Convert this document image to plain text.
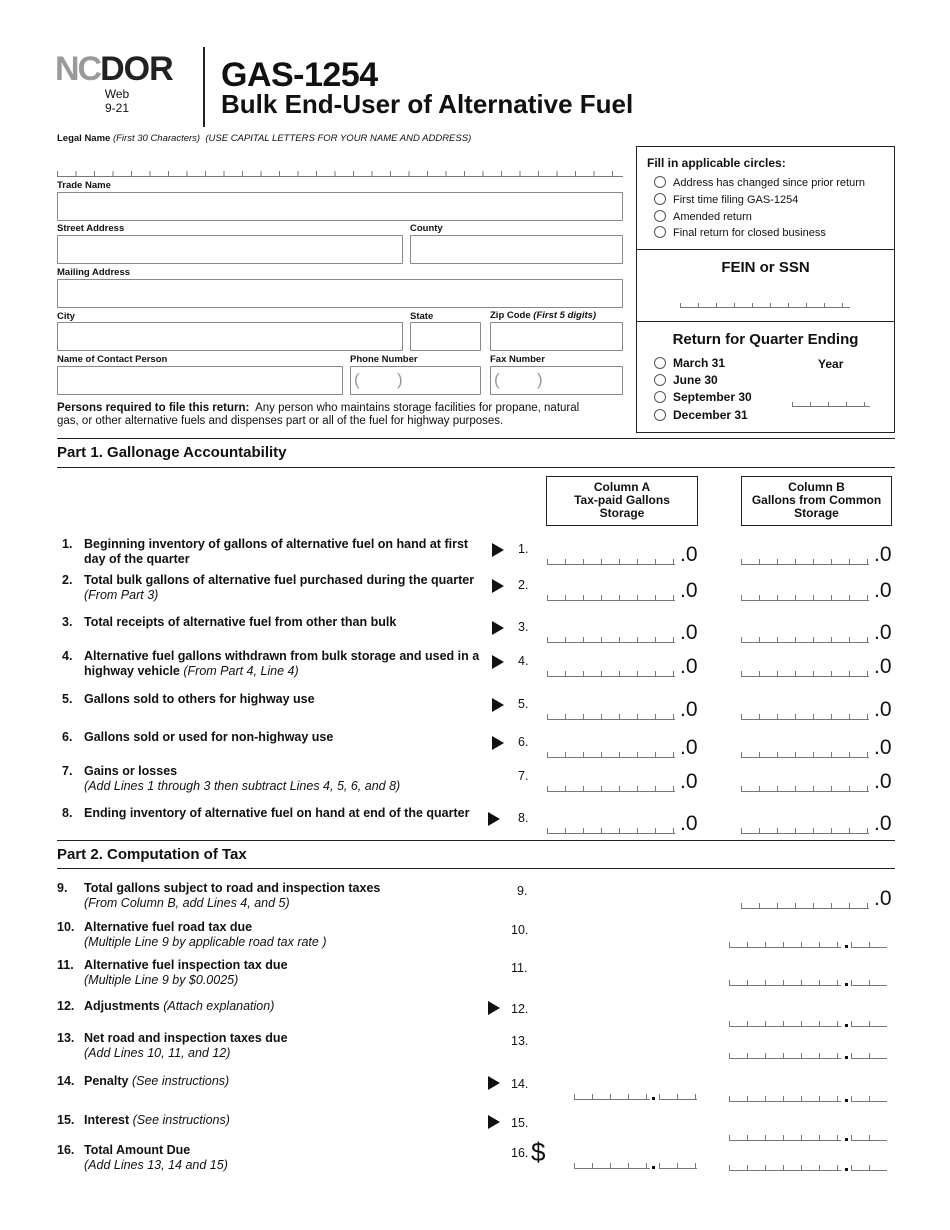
NCDOR
Web
9-21
GAS-1254
Bulk End-User of Alternative Fuel
Legal Name (First 30 Characters) (USE CAPITAL LETTERS FOR YOUR NAME AND ADDRESS)
Trade Name
Street Address	County
Mailing Address
City	State	Zip Code (First 5 digits)
Name of Contact Person	Phone Number	Fax Number
( )	( )
Persons required to file this return: Any person who maintains storage facilities for propane, natural
gas, or other alternative fuels and dispenses part or all of the fuel for highway purposes.
Fill in applicable circles:
Address has changed since prior return
First time filing GAS-1254
Amended return
Final return for closed business
FEIN or SSN
Return for Quarter Ending
Year
March 31
June 30
September 30
December 31
Part 1. Gallonage Accountability
Column A
Tax-paid Gallons
Storage
Column B
Gallons from Common
Storage
1. Beginning inventory of gallons of alternative fuel on hand at first
day of the quarter
1.	.0	.0
2. Total bulk gallons of alternative fuel purchased during the quarter
(From Part 3)
2.	.0	.0
3. Total receipts of alternative fuel from other than bulk	3.	.0	.0
4. Alternative fuel gallons withdrawn from bulk storage and used in a
highway vehicle (From Part 4, Line 4)
4.	.0	.0
5. Gallons sold to others for highway use	5.	.0	.0
6. Gallons sold or used for non-highway use	6.	.0	.0
7. Gains or losses
(Add Lines 1 through 3 then subtract Lines 4, 5, 6, and 8)
7.	.0	.0
8. Ending inventory of alternative fuel on hand at end of the quarter	8.	.0	.0
Part 2. Computation of Tax
9. Total gallons subject to road and inspection taxes
(From Column B, add Lines 4, and 5)
9.	.0
10. Alternative fuel road tax due
(Multiple Line 9 by applicable road tax rate )
10.
11. Alternative fuel inspection tax due
(Multiple Line 9 by $0.0025)
11.
12. Adjustments (Attach explanation)	12.
13. Net road and inspection taxes due
(Add Lines 10, 11, and 12)
13.
14. Penalty (See instructions)	14.
15. Interest (See instructions)	15.
16. Total Amount Due
(Add Lines 13, 14 and 15)
16. $
